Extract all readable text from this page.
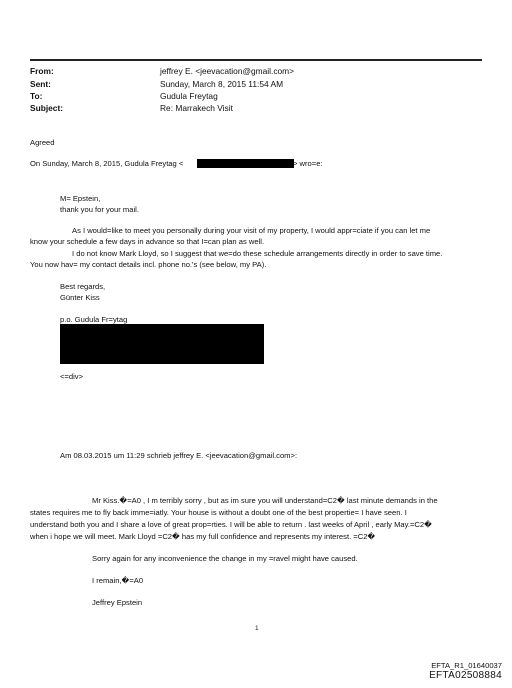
From:	jeffrey E. <jeevacation@gmail.com>
Sent:	Sunday, March 8, 2015 11:54 AM
To:	Gudula Freytag
Subject:	Re: Marrakech Visit
Agreed
On Sunday, March 8, 2015, Gudula Freytag <	> wro=e:
M= Epstein,
thank you for your mail.
As I would=like to meet you personally during your visit of my property, I would appr=ciate if you can let me
know your schedule a few days in advance so that I=can plan as well.
I do not know Mark Lloyd, so I suggest that we=do these schedule arrangements directly in order to save time.
You now hav= my contact details incl. phone no.'s (see below, my PA).
Best regards,
Günter Kiss
p.o. Gudula Fr=ytag
<=div>
Am 08.03.2015 um 11:29 schrieb jeffrey E. <jeevacation@gmail.com>:
Mr Kiss.�=A0 , I m terribly sorry , but as im sure you will understand=C2� last minute demands in the
states requires me to fly back imme=iatly. Your house is without a doubt one of the best propertie= I have seen. I
understand both you and I share a love of great prop=rties. I will be able to return . last weeks of April , early May.=C2�
when i hope we will meet. Mark Lloyd =C2� has my full confidence and represents my interest. =C2�
Sorry again for any inconvenience the change in my =ravel might have caused.
I remain,�=A0
Jeffrey Epstein
1
EFTA_R1_01640037
EFTA02508884
